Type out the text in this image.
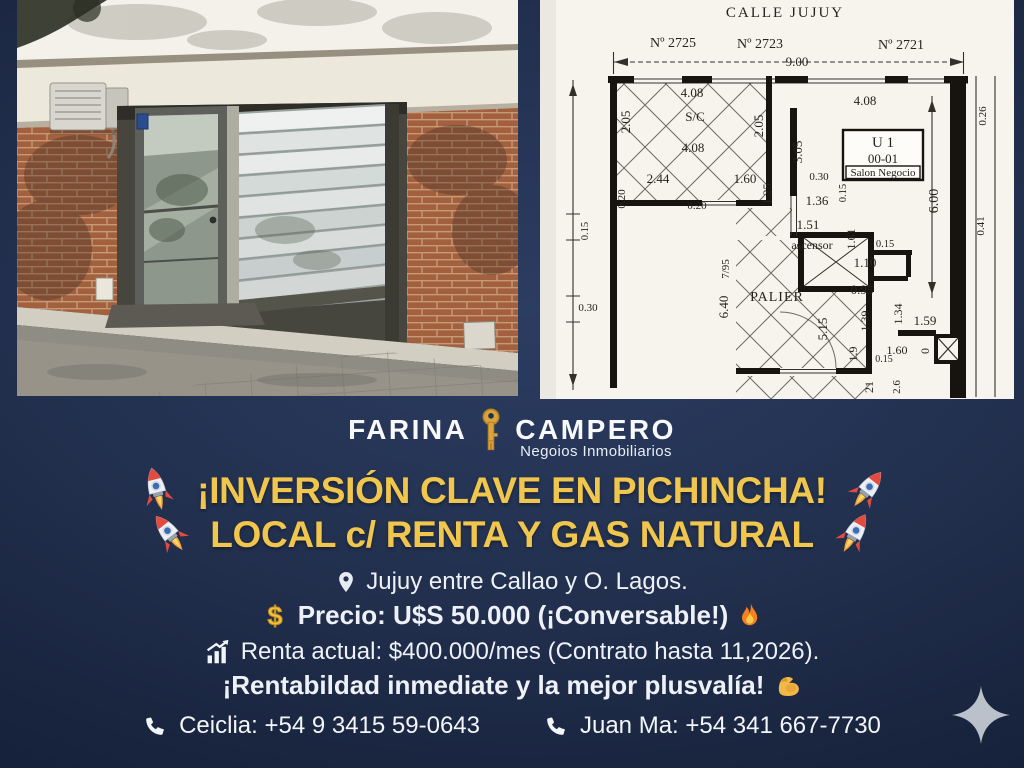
CALLE JUJUY
Nº 2725	Nº 2723	Nº 2721
9.00
4.08
S/C
2.05	2.05
4.08
4.08
0.26
U 1
00-01
Salon Negocio
3.05
0.30
2.44	1.60
1.25
0.20	0.20	1.36 0.15
1.51
ascensor 1.61
6.00
0.41
0.15
0.15
7/95
6.40 PALIER
5.15
0.30
1.10
0.95
1.39 1.34 1.59
1.9 1.60
0.15
21 2.6
0
FARINA CAMPERO
Negoios Inmobiliarios
¡INVERSIÓN CLAVE EN PICHINCHA!
LOCAL c/ RENTA Y GAS NATURAL
Jujuy entre Callao y O. Lagos.
$ Precio: U$S 50.000 (¡Conversable!)
Renta actual: $400.000/mes (Contrato hasta 11,2026).
¡Rentabildad inmediate y la mejor plusvalía!
Ceiclia: +54 9 3415 59-0643	Juan Ma: +54 341 667-7730
